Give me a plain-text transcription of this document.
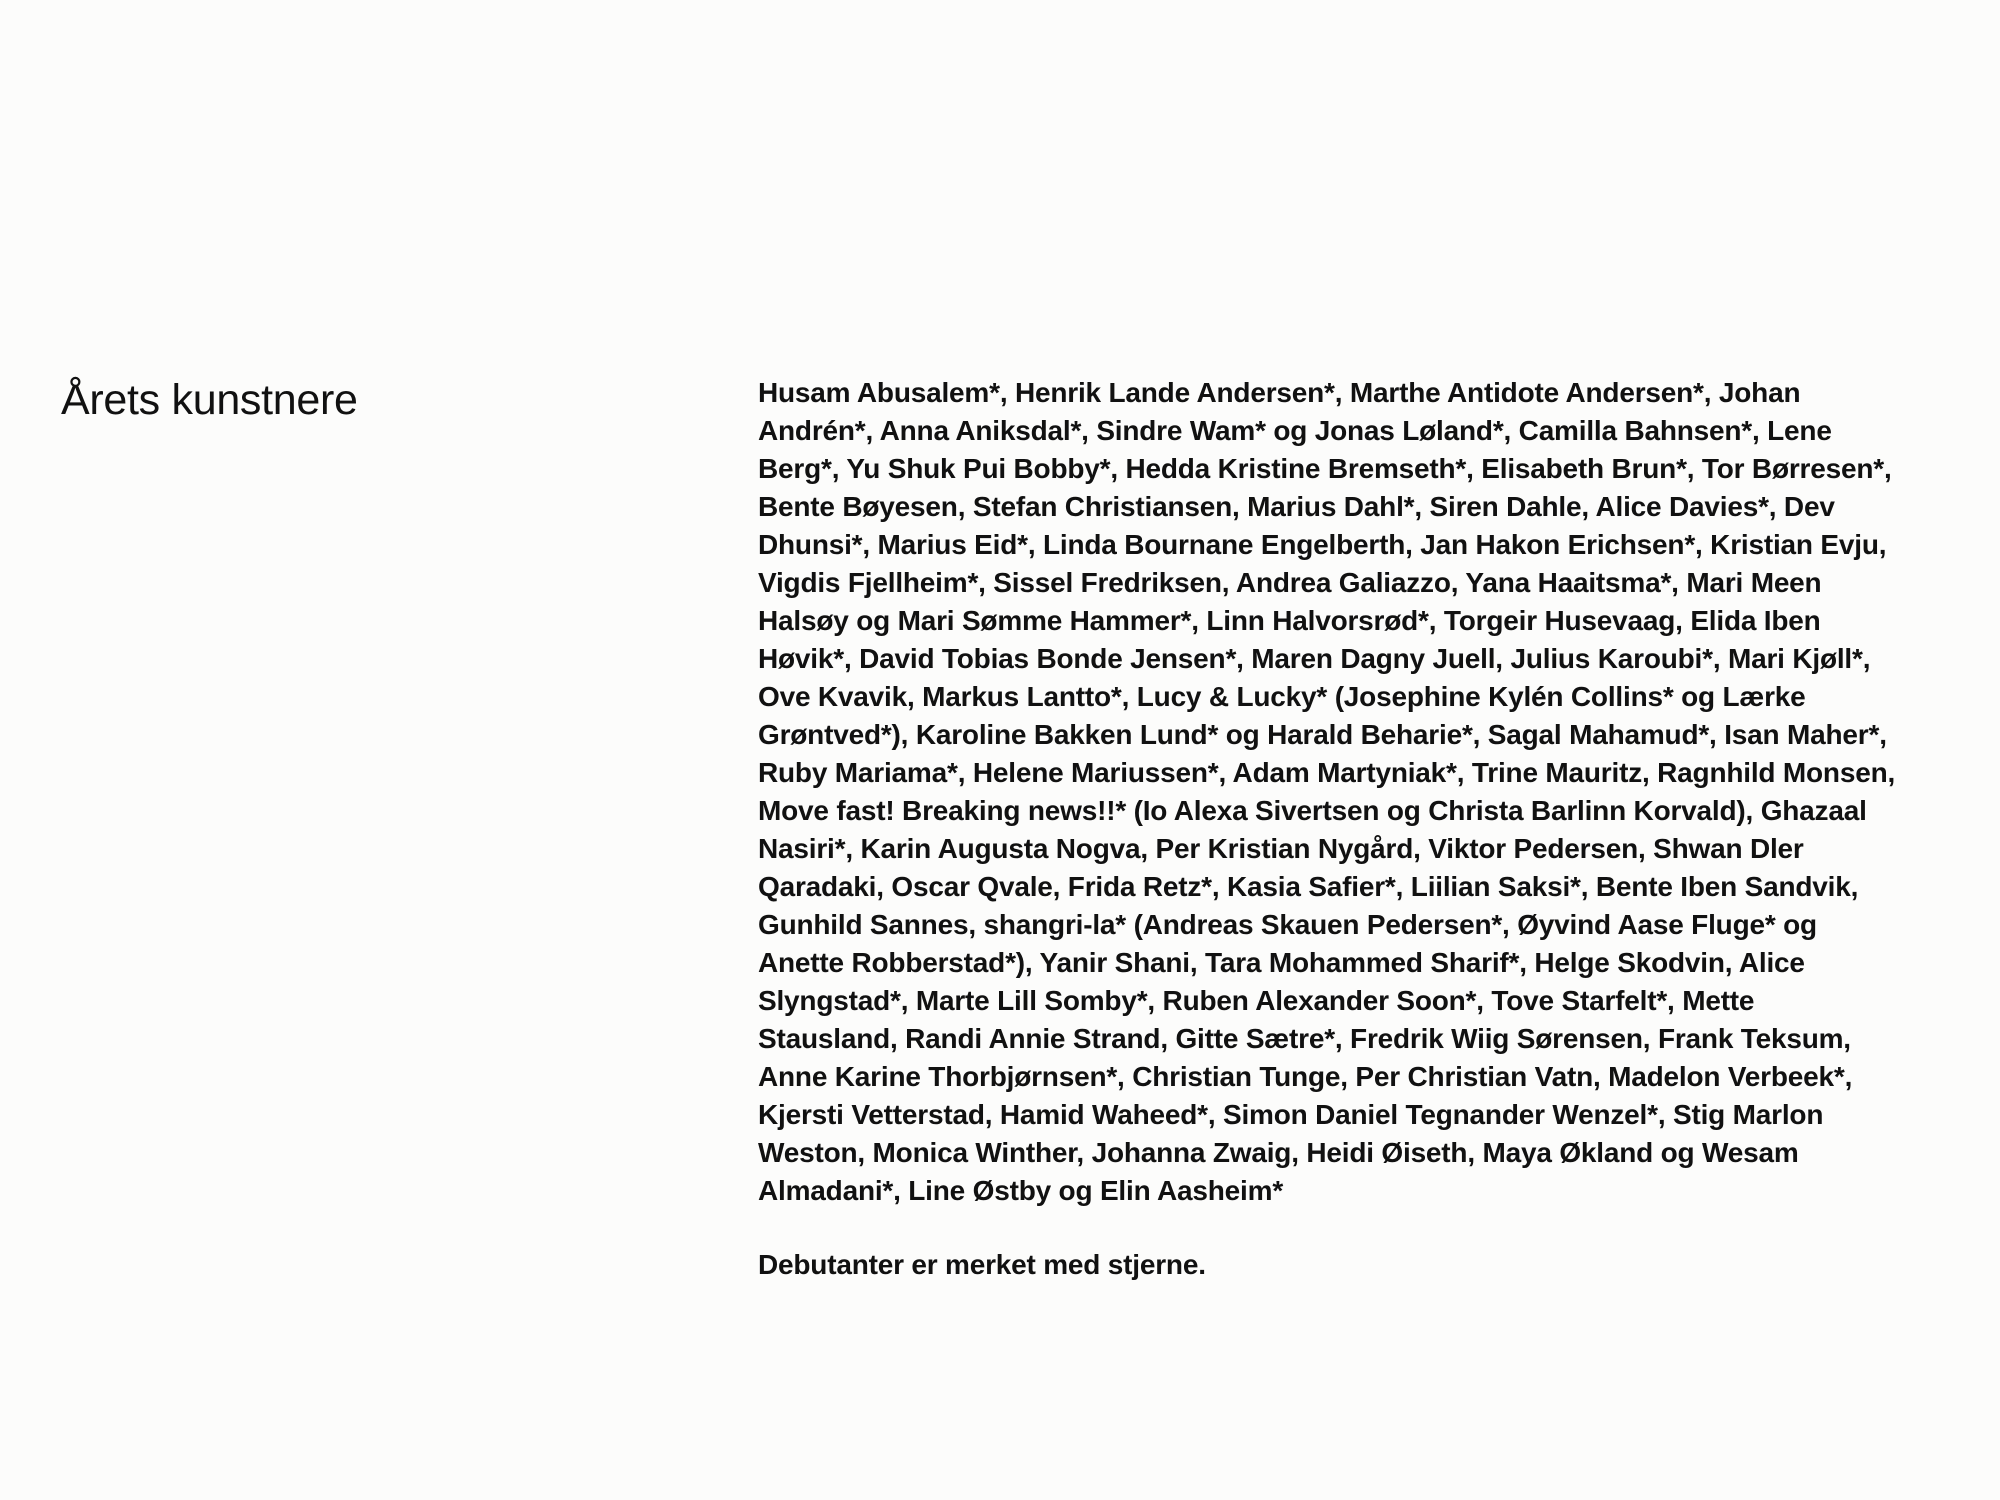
Årets kunstnere	Husam Abusalem*, Henrik Lande Andersen*, Marthe Antidote Andersen*, Johan
Andrén*, Anna Aniksdal*, Sindre Wam* og Jonas Løland*, Camilla Bahnsen*, Lene
Berg*, Yu Shuk Pui Bobby*, Hedda Kristine Bremseth*, Elisabeth Brun*, Tor Børresen*,
Bente Bøyesen, Stefan Christiansen, Marius Dahl*, Siren Dahle, Alice Davies*, Dev
Dhunsi*, Marius Eid*, Linda Bournane Engelberth, Jan Hakon Erichsen*, Kristian Evju,
Vigdis Fjellheim*, Sissel Fredriksen, Andrea Galiazzo, Yana Haaitsma*, Mari Meen
Halsøy og Mari Sømme Hammer*, Linn Halvorsrød*, Torgeir Husevaag, Elida Iben
Høvik*, David Tobias Bonde Jensen*, Maren Dagny Juell, Julius Karoubi*, Mari Kjøll*,
Ove Kvavik, Markus Lantto*, Lucy & Lucky* (Josephine Kylén Collins* og Lærke
Grøntved*), Karoline Bakken Lund* og Harald Beharie*, Sagal Mahamud*, Isan Maher*,
Ruby Mariama*, Helene Mariussen*, Adam Martyniak*, Trine Mauritz, Ragnhild Monsen,
Move fast! Breaking news!!* (Io Alexa Sivertsen og Christa Barlinn Korvald), Ghazaal
Nasiri*, Karin Augusta Nogva, Per Kristian Nygård, Viktor Pedersen, Shwan Dler
Qaradaki, Oscar Qvale, Frida Retz*, Kasia Safier*, Liilian Saksi*, Bente Iben Sandvik,
Gunhild Sannes, shangri-la* (Andreas Skauen Pedersen*, Øyvind Aase Fluge* og
Anette Robberstad*), Yanir Shani, Tara Mohammed Sharif*, Helge Skodvin, Alice
Slyngstad*, Marte Lill Somby*, Ruben Alexander Soon*, Tove Starfelt*, Mette
Stausland, Randi Annie Strand, Gitte Sætre*, Fredrik Wiig Sørensen, Frank Teksum,
Anne Karine Thorbjørnsen*, Christian Tunge, Per Christian Vatn, Madelon Verbeek*,
Kjersti Vetterstad, Hamid Waheed*, Simon Daniel Tegnander Wenzel*, Stig Marlon
Weston, Monica Winther, Johanna Zwaig, Heidi Øiseth, Maya Økland og Wesam
Almadani*, Line Østby og Elin Aasheim*

Debutanter er merket med stjerne.
